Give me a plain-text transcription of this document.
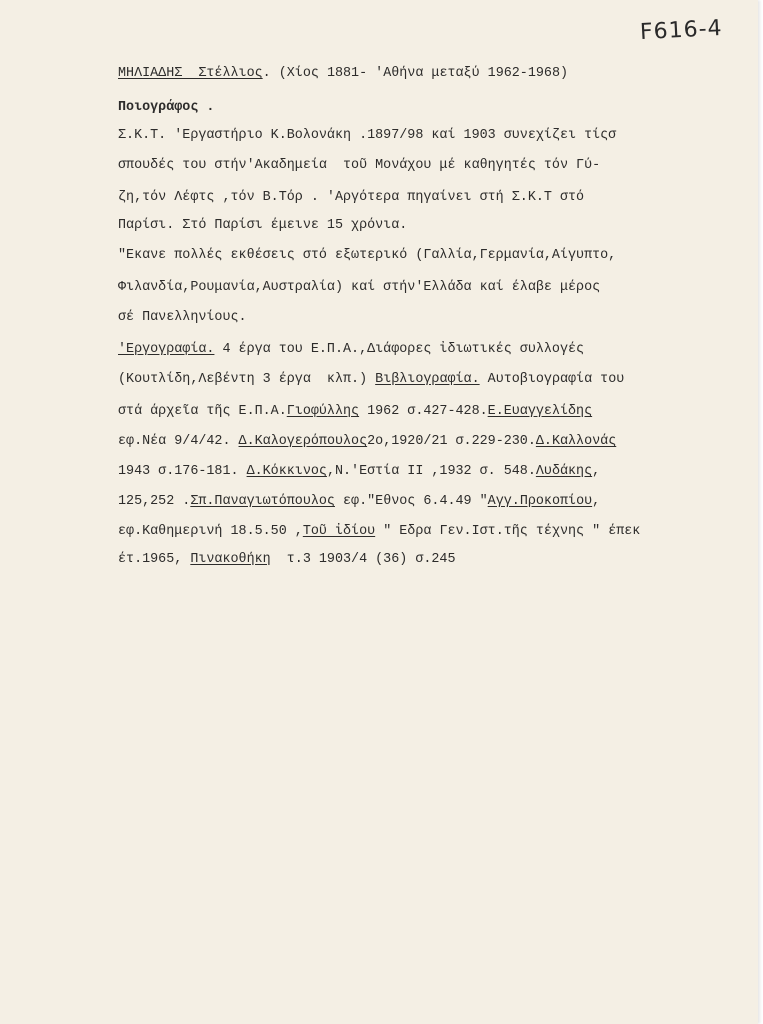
F616-4
ΜΗΛΙΑΔΗΣ  Στέλλιος. (Χίος 1881- 'Αθήνα μεταξύ 1962-1968)
Ποιογράφος .
Σ.Κ.Τ. 'Εργαστήριο Κ.Βολονάκη .1897/98 καί 1903 συνεχίζει τίςσ
σπουδές του στήν'Ακαδημεία  τοῦ Μονάχου μέ καθηγητές τόν Γύ-
ζη,τόν Λέφτς ,τόν Β.Τόρ . 'Αργότερα πηγαίνει στή Σ.Κ.Τ στό
Παρίσι. Στό Παρίσι έμεινε 15 χρόνια.
"Εκανε πολλές εκθέσεις στό εξωτερικό (Γαλλία,Γερμανία,Αίγυπτο,
Φιλανδία,Ρουμανία,Αυστραλία) καί στήν'Ελλάδα καί έλαβε μέρος
σέ Πανελληνίους.
'Εργογραφία. 4 έργα του Ε.Π.Α.,Διάφορες ἰδιωτικές συλλογές
(Κουτλίδη,Λεβέντη 3 έργα  κλπ.) Βιβλιογραφία. Αυτοβιογραφία του
στά άρχεῖα τῆς Ε.Π.Α.Γιοφύλλης 1962 σ.427-428.Ε.Ευαγγελίδης
εφ.Νέα 9/4/42. Δ.Καλογερόπουλος2ο,1920/21 σ.229-230.Δ.Καλλονάς
1943 σ.176-181. Δ.Κόκκινος,Ν.'Εστία ΙΙ ,1932 σ. 548.Λυδάκης,
125,252 .Σπ.Παναγιωτόπουλος εφ."Εθνος 6.4.49 "Αγγ.Προκοπίου,
εφ.Καθημερινή 18.5.50 ,Τοῦ ἰδίου " Εδρα Γεν.Ιστ.τῆς τέχνης " έπεκ
έτ.1965, Πινακοθήκη  τ.3 1903/4 (36) σ.245
